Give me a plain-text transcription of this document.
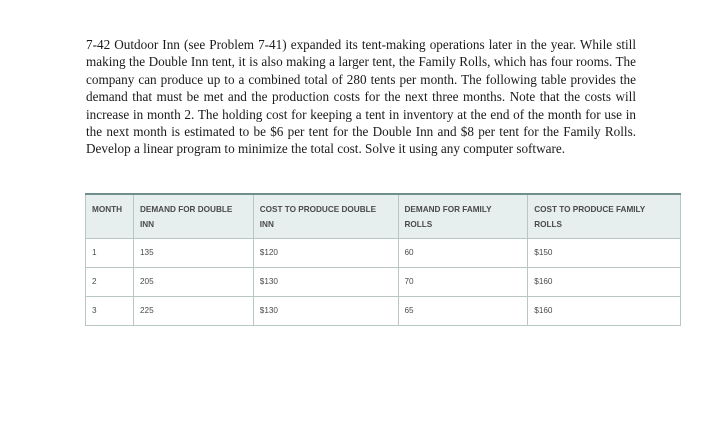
7-42 Outdoor Inn (see Problem 7-41) expanded its tent-making operations later in the year. While still making the Double Inn tent, it is also making a larger tent, the Family Rolls, which has four rooms. The company can produce up to a combined total of 280 tents per month. The following table provides the demand that must be met and the production costs for the next three months. Note that the costs will increase in month 2. The holding cost for keeping a tent in inventory at the end of the month for use in the next month is estimated to be $6 per tent for the Double Inn and $8 per tent for the Family Rolls. Develop a linear program to minimize the total cost. Solve it using any computer software.

MONTH	DEMAND FOR DOUBLE INN	COST TO PRODUCE DOUBLE INN	DEMAND FOR FAMILY ROLLS	COST TO PRODUCE FAMILY ROLLS
1	135	$120	60	$150
2	205	$130	70	$160
3	225	$130	65	$160
